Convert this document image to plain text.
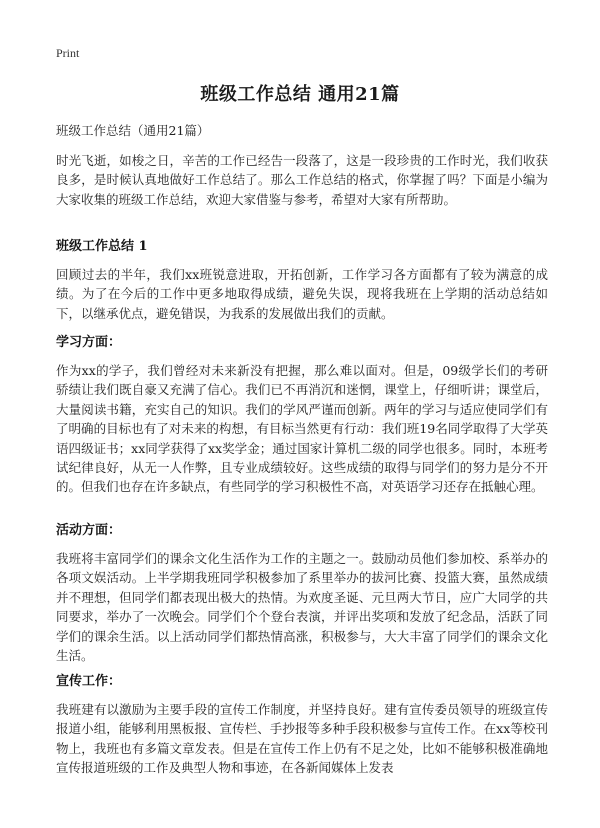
Print
班级工作总结 通用21篇
班级工作总结（通用21篇）

时光飞逝，如梭之日，辛苦的工作已经告一段落了，这是一段珍贵的工作时光，我们收获良多，是时候认真地做好工作总结了。那么工作总结的格式，你掌握了吗？下面是小编为大家收集的班级工作总结，欢迎大家借鉴与参考，希望对大家有所帮助。

班级工作总结 1

回顾过去的半年，我们xx班锐意进取，开拓创新，工作学习各方面都有了较为满意的成绩。为了在今后的工作中更多地取得成绩，避免失误，现将我班在上学期的活动总结如下，以继承优点，避免错误，为我系的发展做出我们的贡献。

学习方面：

作为xx的学子，我们曾经对未来新没有把握，那么难以面对。但是，09级学长们的考研骄绩让我们既自豪又充满了信心。我们已不再消沉和迷惘，课堂上，仔细听讲；课堂后，大量阅读书籍，充实自己的知识。我们的学风严谨而创新。两年的学习与适应使同学们有了明确的目标也有了对未来的构想，有目标当然更有行动：我们班19名同学取得了大学英语四级证书；xx同学获得了xx奖学金；通过国家计算机二级的同学也很多。同时，本班考试纪律良好，从无一人作弊，且专业成绩较好。这些成绩的取得与同学们的努力是分不开的。但我们也存在许多缺点，有些同学的学习积极性不高，对英语学习还存在抵触心理。

活动方面：

我班将丰富同学们的课余文化生活作为工作的主题之一。鼓励动员他们参加校、系举办的各项文娱活动。上半学期我班同学积极参加了系里举办的拔河比赛、投篮大赛，虽然成绩并不理想，但同学们都表现出极大的热情。为欢度圣诞、元旦两大节日，应广大同学的共同要求，举办了一次晚会。同学们个个登台表演，并评出奖项和发放了纪念品，活跃了同学们的课余生活。以上活动同学们都热情高涨，积极参与，大大丰富了同学们的课余文化生活。

宣传工作：

我班建有以激励为主要手段的宣传工作制度，并坚持良好。建有宣传委员领导的班级宣传报道小组，能够利用黑板报、宣传栏、手抄报等多种手段积极参与宣传工作。在xx等校刊物上，我班也有多篇文章发表。但是在宣传工作上仍有不足之处，比如不能够积极准确地宣传报道班级的工作及典型人物和事迹，在各新闻媒体上发表
